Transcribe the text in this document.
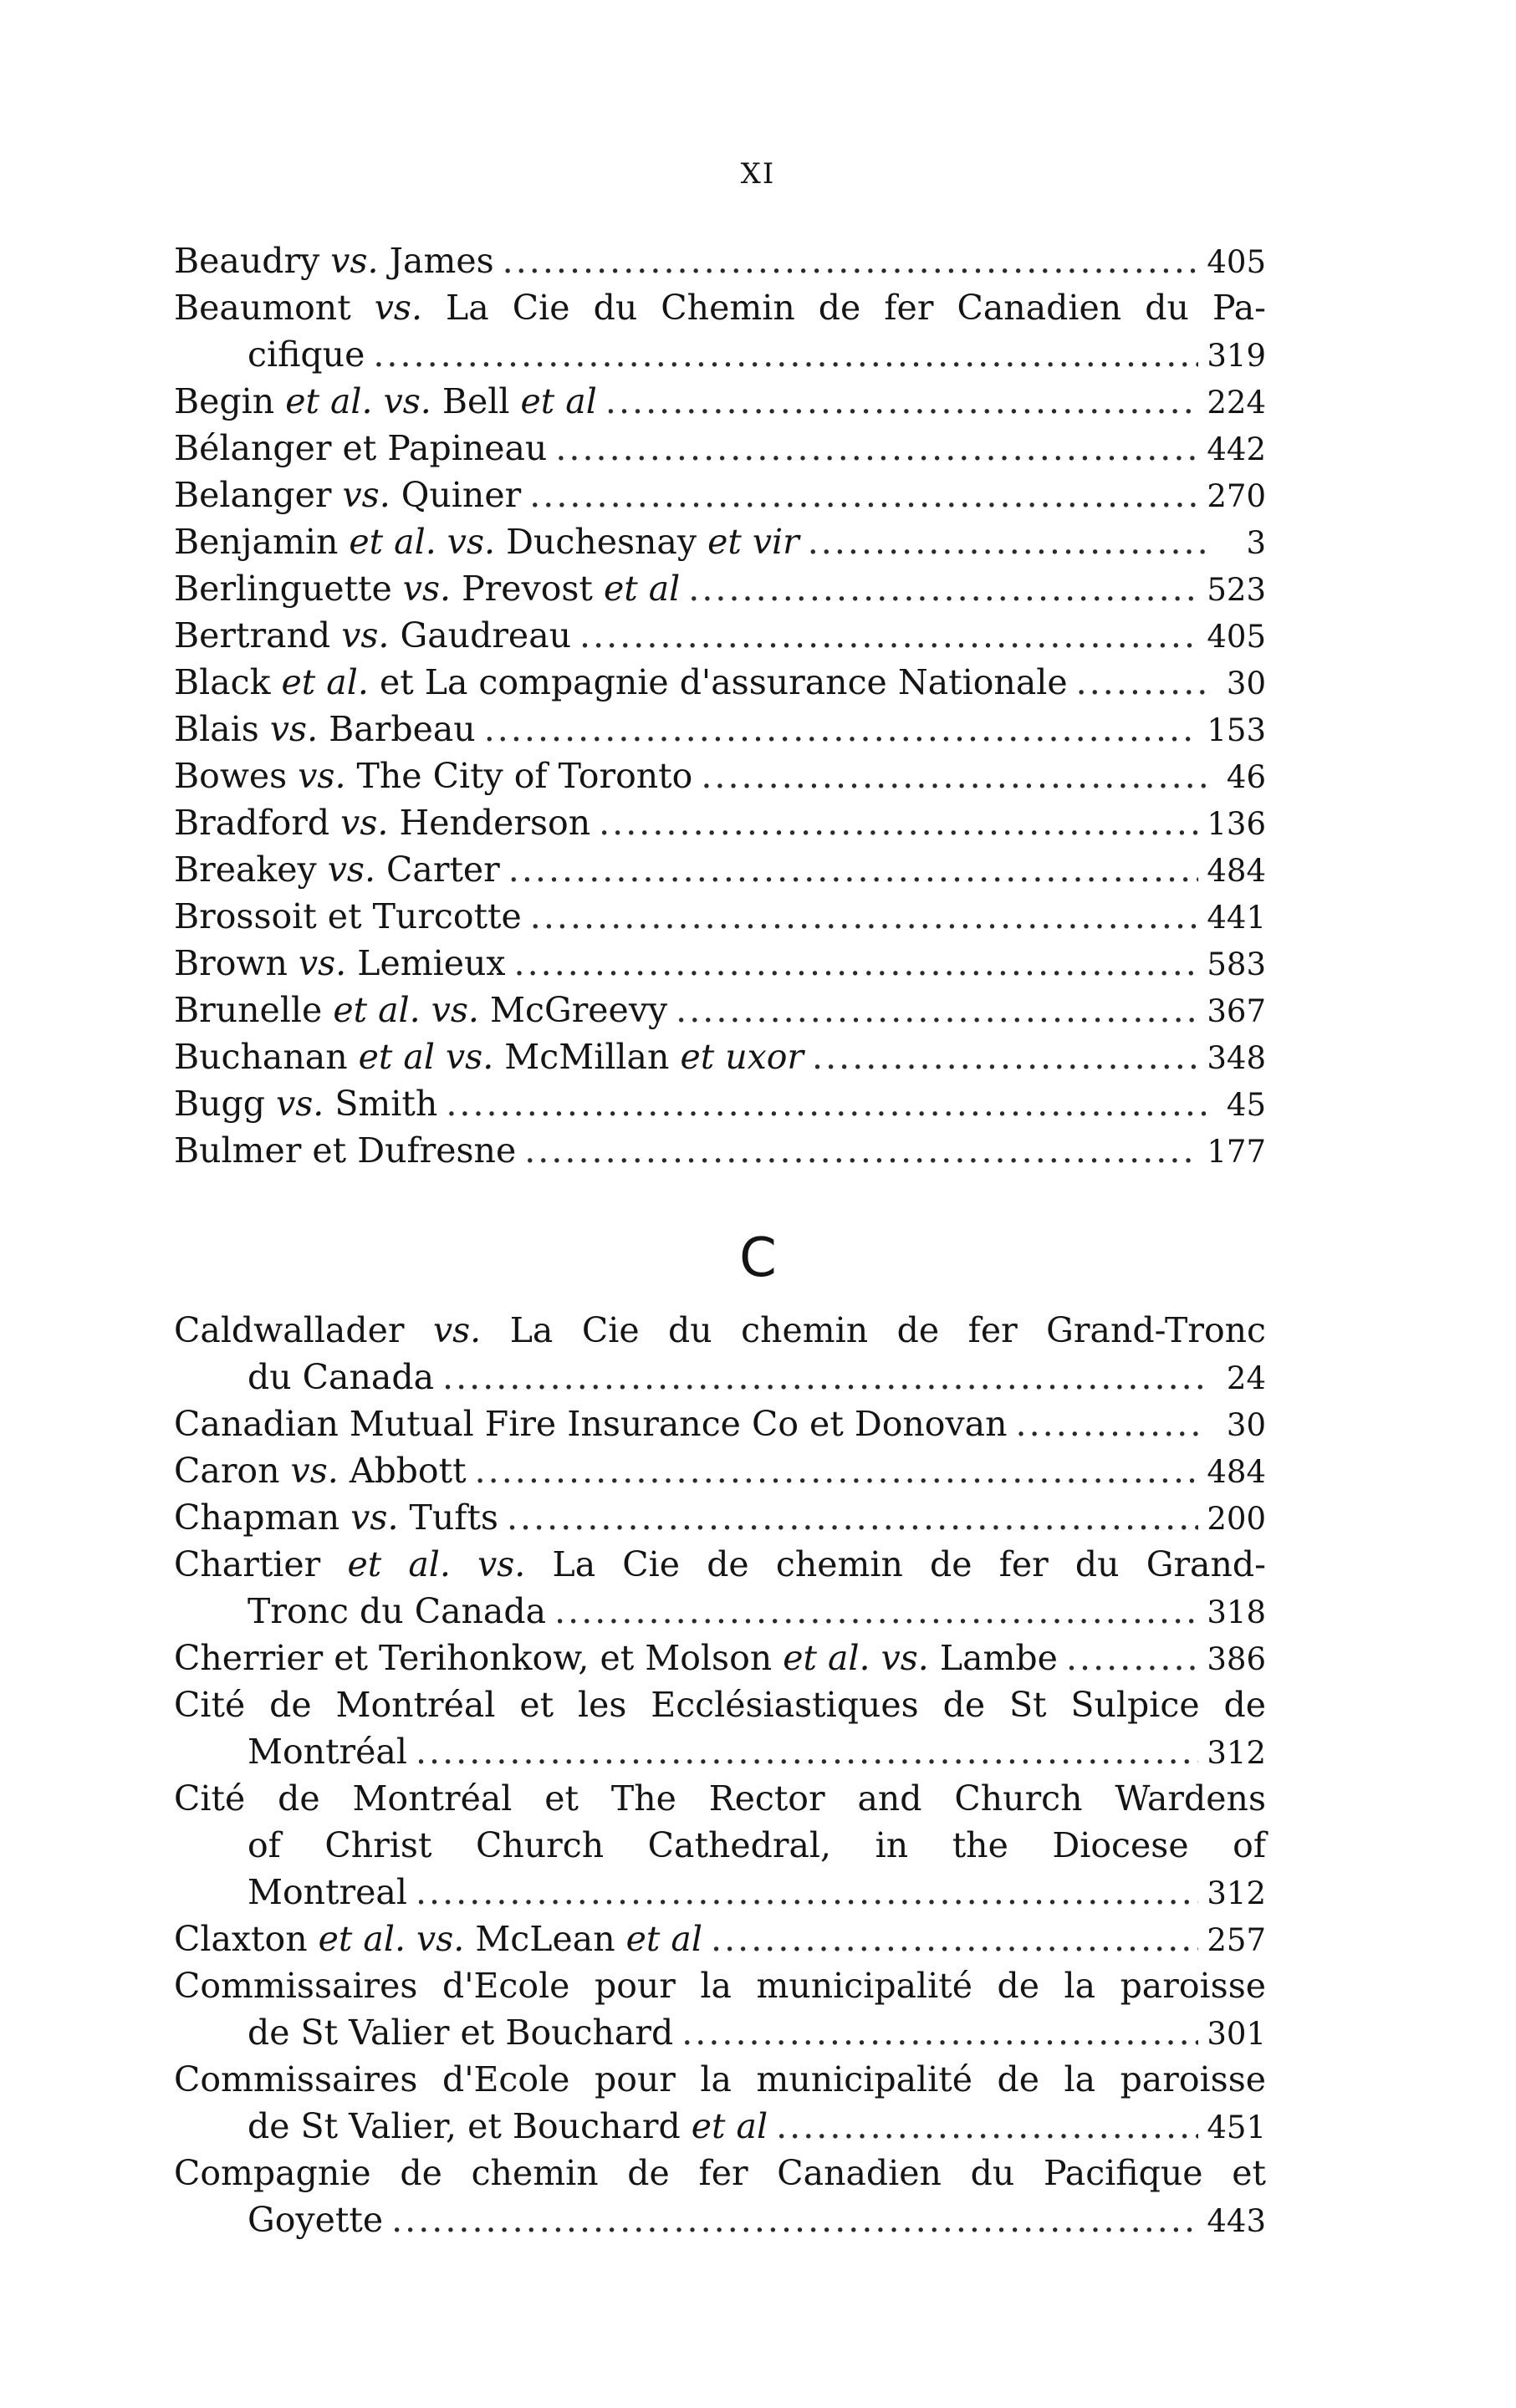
XI
Beaudry vs. James . . .	405
Beaumont vs. La Cie du Chemin de fer Canadien du Pa-
cifique . . .	319
Begin et al. vs. Bell et al . . .	224
Bélanger et Papineau . . .	442
Belanger vs. Quiner . . .	270
Benjamin et al. vs. Duchesnay et vir . . .	3
Berlinguette vs. Prevost et al . . .	523
Bertrand vs. Gaudreau . . .	405
Black et al. et La compagnie d'assurance Nationale . . .	30
Blais vs. Barbeau . . .	153
Bowes vs. The City of Toronto . . .	46
Bradford vs. Henderson . . .	136
Breakey vs. Carter . . .	484
Brossoit et Turcotte . . .	441
Brown vs. Lemieux . . .	583
Brunelle et al. vs. McGreevy . . .	367
Buchanan et al vs. McMillan et uxor . . .	348
Bugg vs. Smith . . .	45
Bulmer et Dufresne . . .	177
C
Caldwallader vs. La Cie du chemin de fer Grand-Tronc
du Canada . . .	24
Canadian Mutual Fire Insurance Co et Donovan . . .	30
Caron vs. Abbott . . .	484
Chapman vs. Tufts . . .	200
Chartier et al. vs. La Cie de chemin de fer du Grand-
Tronc du Canada . . .	318
Cherrier et Terihonkow, et Molson et al. vs. Lambe . . .	386
Cité de Montréal et les Ecclésiastiques de St Sulpice de
Montréal . . .	312
Cité de Montréal et The Rector and Church Wardens
of Christ Church Cathedral, in the Diocese of
Montreal . . .	312
Claxton et al. vs. McLean et al . . .	257
Commissaires d'Ecole pour la municipalité de la paroisse
de St Valier et Bouchard . . .	301
Commissaires d'Ecole pour la municipalité de la paroisse
de St Valier, et Bouchard et al . . .	451
Compagnie de chemin de fer Canadien du Pacifique et
Goyette . . .	443
